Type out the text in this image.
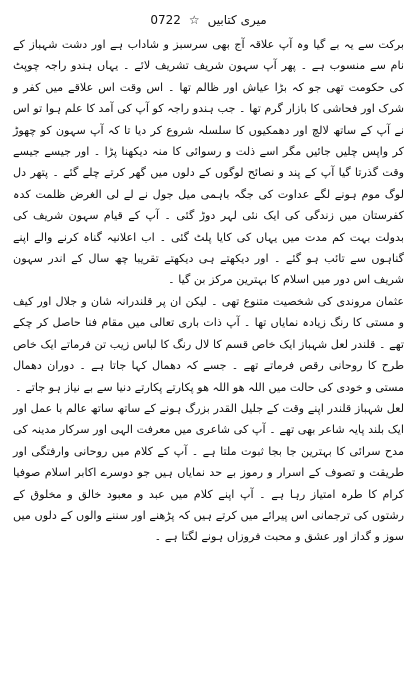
میری کتابیں
☆
0722

برکت سے یہ بے گیا وہ آپ علاقہ آج بھی سرسبز و شاداب ہے اور دشت شہباز کے نام سے منسوب ہے ۔ پھر آپ سہون شریف تشریف لائے ۔ یہاں ہندو راجہ چوپٹ کی حکومت تھی جو کہ بڑا عیاش اور ظالم تھا ۔ اس وقت اس علاقے میں کفر و شرک اور فحاشی کا بازار گرم تھا ۔ جب ہندو راجہ کو آپ کی آمد کا علم ہوا تو اس نے آپ کے ساتھ لالچ اور دھمکیوں کا سلسلہ شروع کر دیا تا کہ آپ سہون کو چھوڑ کر واپس چلیں جائیں مگر اسے ذلت و رسوائی کا منہ دیکھنا پڑا ۔ اور جیسے جیسے وقت گذرتا گیا آپ کے پند و نصائح لوگوں کے دلوں میں گھر کرتے چلے گئے ۔ پتھر دل لوگ موم ہونے لگے عداوت کی جگہ باہمی میل جول نے لے لی الغرض ظلمت کدہ کفرستان میں زندگی کی ایک نئی لہر دوڑ گئی ۔ آپ کے قیام سہون شریف کی بدولت بہت کم مدت میں یہاں کی کایا پلٹ گئی ۔ اب اعلانیہ گناہ کرنے والے اپنے گناہوں سے تائب ہو گئے ۔ اور دیکھتے ہی دیکھتے تقریبا چھ سال کے اندر سہون شریف اس دور میں اسلام کا بہترین مرکز بن گیا ۔

عثمان مروندی کی شخصیت متنوع تھی ۔ لیکن ان پر قلندرانہ شان و جلال اور کیف و مستی کا رنگ زیادہ نمایاں تھا ۔ آپ ذات باری تعالی میں مقام فنا حاصل کر چکے تھے ۔ قلندر لعل شہباز ایک خاص قسم کا لال رنگ کا لباس زیب تن فرماتے ایک خاص طرح کا روحانی رقص فرماتے تھے ۔ جسے کہ دھمال کہا جاتا ہے ۔ دوران دھمال مستی و خودی کی حالت میں اللہ ھو اللہ ھو پکارتے پکارتے دنیا سے بے نیاز ہو جاتے ۔

لعل شہباز قلندر اپنے وقت کے جلیل القدر بزرگ ہونے کے ساتھ ساتھ عالم با عمل اور ایک بلند پایہ شاعر بھی تھے ۔ آپ کی شاعری میں معرفت الہی اور سرکار مدینہ کی مدح سرائی کا بہترین جا بجا ثبوت ملتا ہے ۔ آپ کے کلام میں روحانی وارفتگی اور طریقت و تصوف کے اسرار و رموز بے حد نمایاں ہیں جو دوسرے اکابر اسلام صوفیا کرام کا طرہ امتیاز رہا ہے ۔ آپ اپنے کلام میں عبد و معبود خالق و مخلوق کے رشتوں کی ترجمانی اس پیرائے میں کرتے ہیں کہ پڑھنے اور سننے والوں کے دلوں میں سوز و گداز اور عشق و محبت فروزاں ہونے لگتا ہے ۔
